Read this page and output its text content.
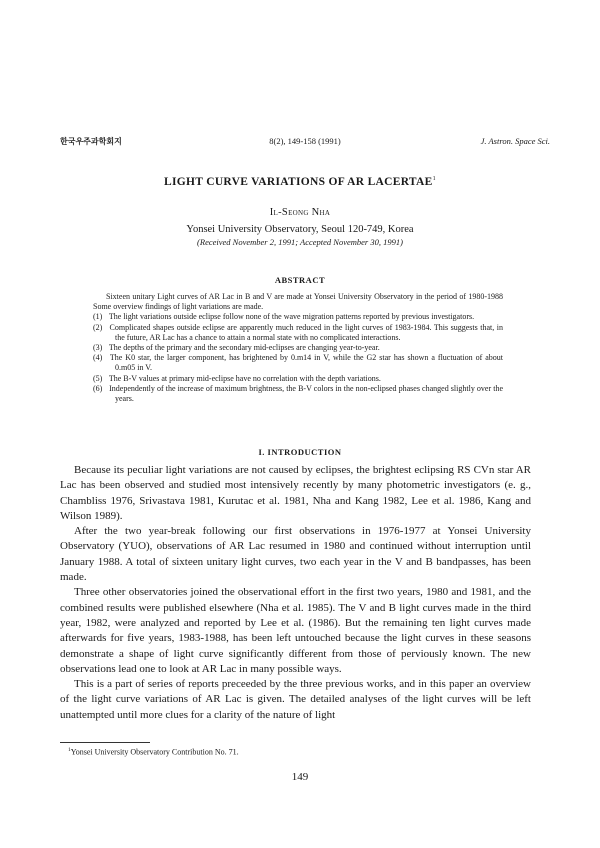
한국우주과학회지	8(2), 149-158 (1991)	J. Astron. Space Sci.
LIGHT CURVE VARIATIONS OF AR LACERTAE$^1$
Il-Seong Nha
Yonsei University Observatory, Seoul 120-749, Korea
(Received November 2, 1991; Accepted November 30, 1991)
ABSTRACT

Sixteen unitary Light curves of AR Lac in B and V are made at Yonsei University Observatory in the period of 1980-1988 Some overview findings of light variations are made.

(1) The light variations outside eclipse follow none of the wave migration patterns reported by previous investigators.
(2) Complicated shapes outside eclipse are apparently much reduced in the light curves of 1983-1984. This suggests that, in the future, AR Lac has a chance to attain a normal state with no complicated interactions.
(3) The depths of the primary and the secondary mid-eclipses are changing year-to-year.
(4) The K0 star, the larger component, has brightened by 0.m14 in V, while the G2 star has shown a fluctuation of about 0.m05 in V.
(5) The B-V values at primary mid-eclipse have no correlation with the depth variations.
(6) Independently of the increase of maximum brightness, the B-V colors in the non-eclipsed phases changed slightly over the years.
I. INTRODUCTION

Because its peculiar light variations are not caused by eclipses, the brightest eclipsing RS CVn star AR Lac has been observed and studied most intensively recently by many photometric investigators (e. g., Chambliss 1976, Srivastava 1981, Kurutac et al. 1981, Nha and Kang 1982, Lee et al. 1986, Kang and Wilson 1989).

After the two year-break following our first observations in 1976-1977 at Yonsei University Observatory (YUO), observations of AR Lac resumed in 1980 and continued without interruption until January 1988. A total of sixteen unitary light curves, two each year in the V and B bandpasses, has been made.

Three other observatories joined the observational effort in the first two years, 1980 and 1981, and the combined results were published elsewhere (Nha et al. 1985). The V and B light curves made in the third year, 1982, were analyzed and reported by Lee et al. (1986). But the remaining ten light curves made afterwards for five years, 1983-1988, has been left untouched because the light curves in these seasons demonstrate a shape of light curve significantly different from those of perviously known. The new observations lead one to look at AR Lac in many possible ways.

This is a part of series of reports preceeded by the three previous works, and in this paper an overview of the light curve variations of AR Lac is given. The detailed analyses of the light curves will be left unattempted until more clues for a clarity of the nature of light

$^1$Yonsei University Observatory Contribution No. 71.
149
